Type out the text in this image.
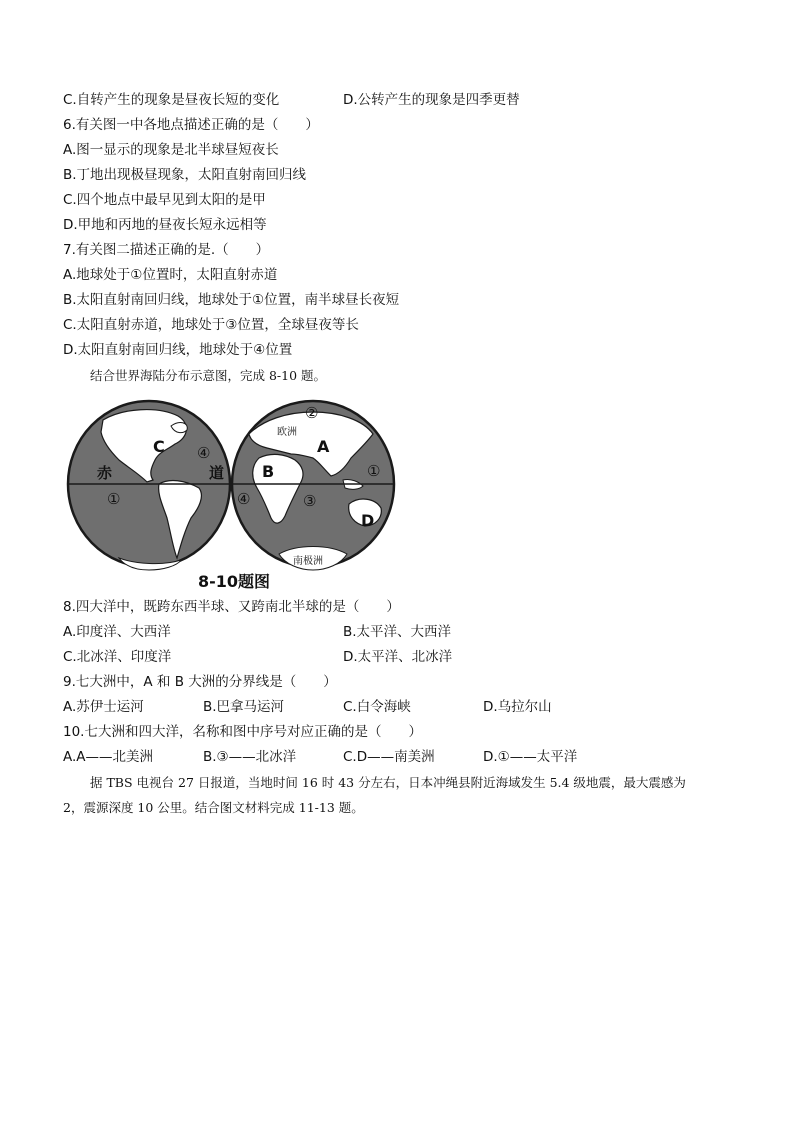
C.自转产生的现象是昼夜长短的变化	D.公转产生的现象是四季更替
6.有关图一中各地点描述正确的是（　　）
A.图一显示的现象是北半球昼短夜长
B.丁地出现极昼现象，太阳直射南回归线
C.四个地点中最早见到太阳的是甲
D.甲地和丙地的昼夜长短永远相等
7.有关图二描述正确的是.（　　）
A.地球处于①位置时，太阳直射赤道
B.太阳直射南回归线，地球处于①位置，南半球昼长夜短
C.太阳直射赤道，地球处于③位置，全球昼夜等长
D.太阳直射南回归线，地球处于④位置
结合世界海陆分布示意图，完成 8-10 题。
C	A
B
D
①
④
④	③
②
①
赤	道
欧洲
南极洲
8-10题图
8.四大洋中，既跨东西半球、又跨南北半球的是（　　）
A.印度洋、大西洋	B.太平洋、大西洋
C.北冰洋、印度洋	D.太平洋、北冰洋
9.七大洲中，A 和 B 大洲的分界线是（　　）
A.苏伊士运河	B.巴拿马运河	C.白令海峡	D.乌拉尔山
10.七大洲和四大洋，名称和图中序号对应正确的是（　　）
A.A——北美洲	B.③——北冰洋	C.D——南美洲	D.①——太平洋
据 TBS 电视台 27 日报道，当地时间 16 时 43 分左右，日本冲绳县附近海域发生 5.4 级地震，最大震感为
2，震源深度 10 公里。结合图文材料完成 11-13 题。
